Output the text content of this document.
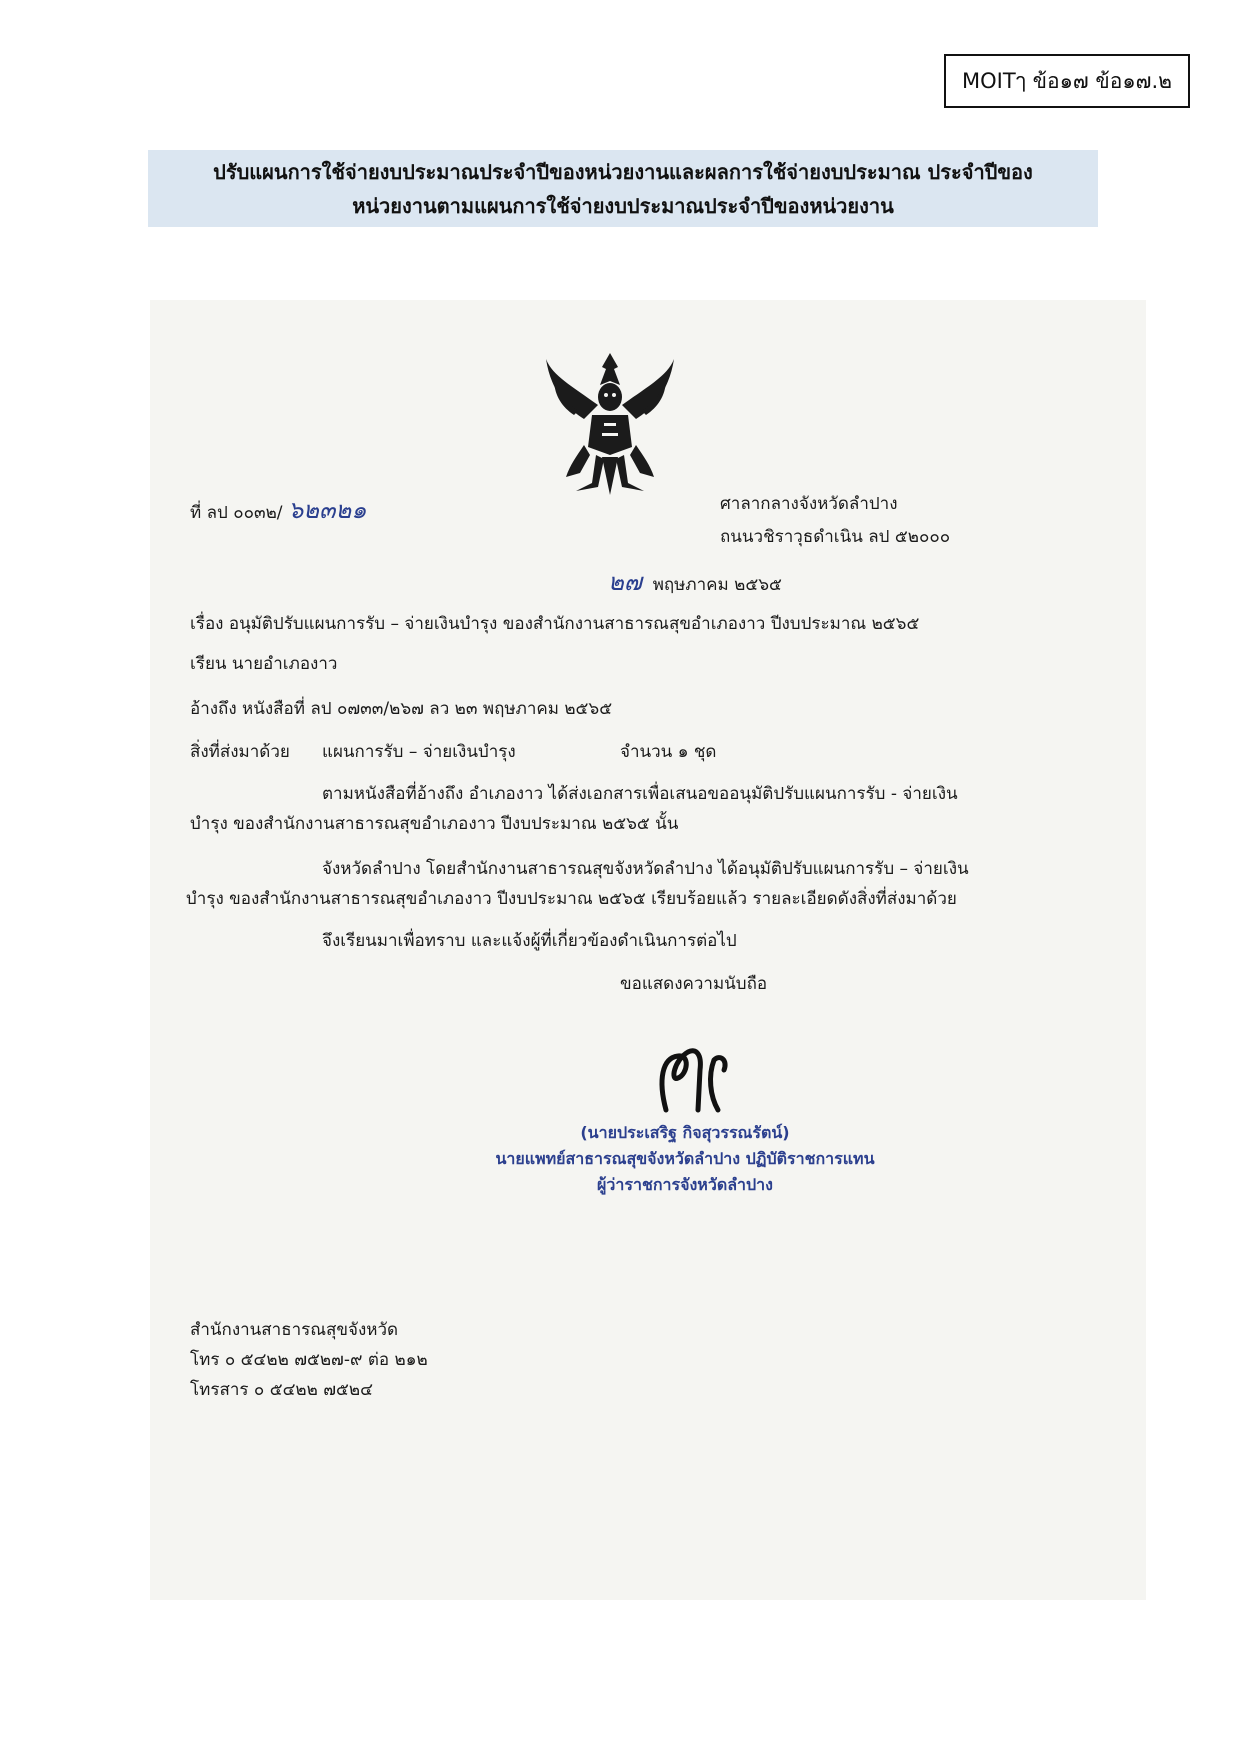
MOITๅ ข้อ๑๗ ข้อ๑๗.๒
ปรับแผนการใช้จ่ายงบประมาณประจำปีของหน่วยงานและผลการใช้จ่ายงบประมาณ ประจำปีของ
หน่วยงานตามแผนการใช้จ่ายงบประมาณประจำปีของหน่วยงาน
ที่ ลป ๐๐๓๒/ ๖๒๓๒๑	ศาลากลางจังหวัดลำปาง
ถนนวชิราวุธดำเนิน ลป ๕๒๐๐๐
๒๗ พฤษภาคม ๒๕๖๕
เรื่อง อนุมัติปรับแผนการรับ – จ่ายเงินบำรุง ของสำนักงานสาธารณสุขอำเภองาว ปีงบประมาณ ๒๕๖๕
เรียน นายอำเภองาว
อ้างถึง หนังสือที่ ลป ๐๗๓๓/๒๖๗ ลว ๒๓ พฤษภาคม ๒๕๖๕
สิ่งที่ส่งมาด้วย แผนการรับ – จ่ายเงินบำรุง	จำนวน ๑ ชุด
ตามหนังสือที่อ้างถึง อำเภองาว ได้ส่งเอกสารเพื่อเสนอขออนุมัติปรับแผนการรับ - จ่ายเงิน
บำรุง ของสำนักงานสาธารณสุขอำเภองาว ปีงบประมาณ ๒๕๖๕ นั้น
จังหวัดลำปาง โดยสำนักงานสาธารณสุขจังหวัดลำปาง ได้อนุมัติปรับแผนการรับ – จ่ายเงิน
บำรุง ของสำนักงานสาธารณสุขอำเภองาว ปีงบประมาณ ๒๕๖๕ เรียบร้อยแล้ว รายละเอียดดังสิ่งที่ส่งมาด้วย
จึงเรียนมาเพื่อทราบ และแจ้งผู้ที่เกี่ยวข้องดำเนินการต่อไป
ขอแสดงความนับถือ
(นายประเสริฐ กิจสุวรรณรัตน์)
นายแพทย์สาธารณสุขจังหวัดลำปาง ปฏิบัติราชการแทน
ผู้ว่าราชการจังหวัดลำปาง
สำนักงานสาธารณสุขจังหวัด
โทร ๐ ๕๔๒๒ ๗๕๒๗-๙ ต่อ ๒๑๒
โทรสาร ๐ ๕๔๒๒ ๗๕๒๔
